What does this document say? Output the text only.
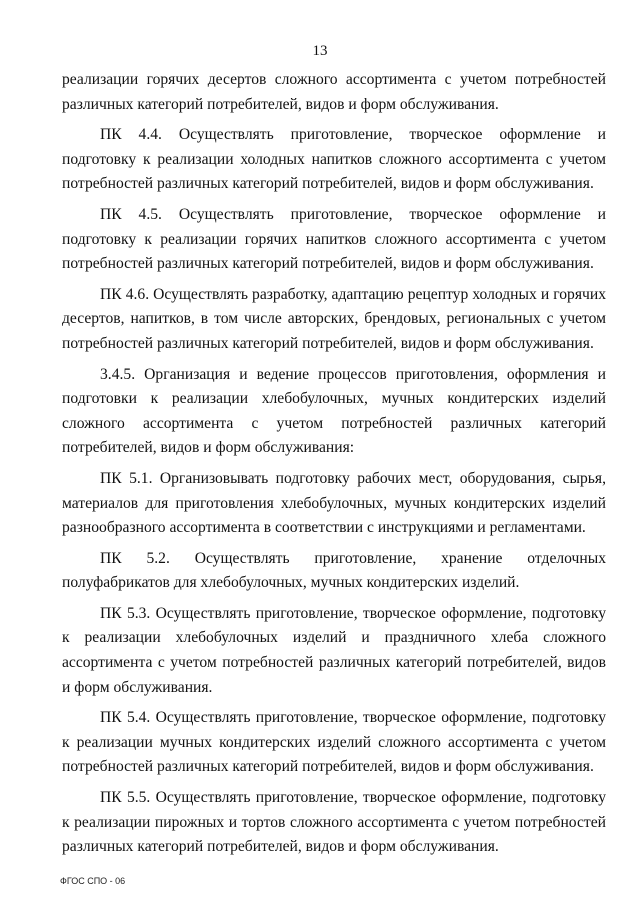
13

реализации горячих десертов сложного ассортимента с учетом потребностей различных категорий потребителей, видов и форм обслуживания.

ПК 4.4. Осуществлять приготовление, творческое оформление и подготовку к реализации холодных напитков сложного ассортимента с учетом потребностей различных категорий потребителей, видов и форм обслуживания.

ПК 4.5. Осуществлять приготовление, творческое оформление и подготовку к реализации горячих напитков сложного ассортимента с учетом потребностей различных категорий потребителей, видов и форм обслуживания.

ПК 4.6. Осуществлять разработку, адаптацию рецептур холодных и горячих десертов, напитков, в том числе авторских, брендовых, региональных с учетом потребностей различных категорий потребителей, видов и форм обслуживания.

3.4.5. Организация и ведение процессов приготовления, оформления и подготовки к реализации хлебобулочных, мучных кондитерских изделий сложного ассортимента с учетом потребностей различных категорий потребителей, видов и форм обслуживания:

ПК 5.1. Организовывать подготовку рабочих мест, оборудования, сырья, материалов для приготовления хлебобулочных, мучных кондитерских изделий разнообразного ассортимента в соответствии с инструкциями и регламентами.

ПК 5.2. Осуществлять приготовление, хранение отделочных полуфабрикатов для хлебобулочных, мучных кондитерских изделий.

ПК 5.3. Осуществлять приготовление, творческое оформление, подготовку к реализации хлебобулочных изделий и праздничного хлеба сложного ассортимента с учетом потребностей различных категорий потребителей, видов и форм обслуживания.

ПК 5.4. Осуществлять приготовление, творческое оформление, подготовку к реализации мучных кондитерских изделий сложного ассортимента с учетом потребностей различных категорий потребителей, видов и форм обслуживания.

ПК 5.5. Осуществлять приготовление, творческое оформление, подготовку к реализации пирожных и тортов сложного ассортимента с учетом потребностей различных категорий потребителей, видов и форм обслуживания.

ФГОС СПО - 06
